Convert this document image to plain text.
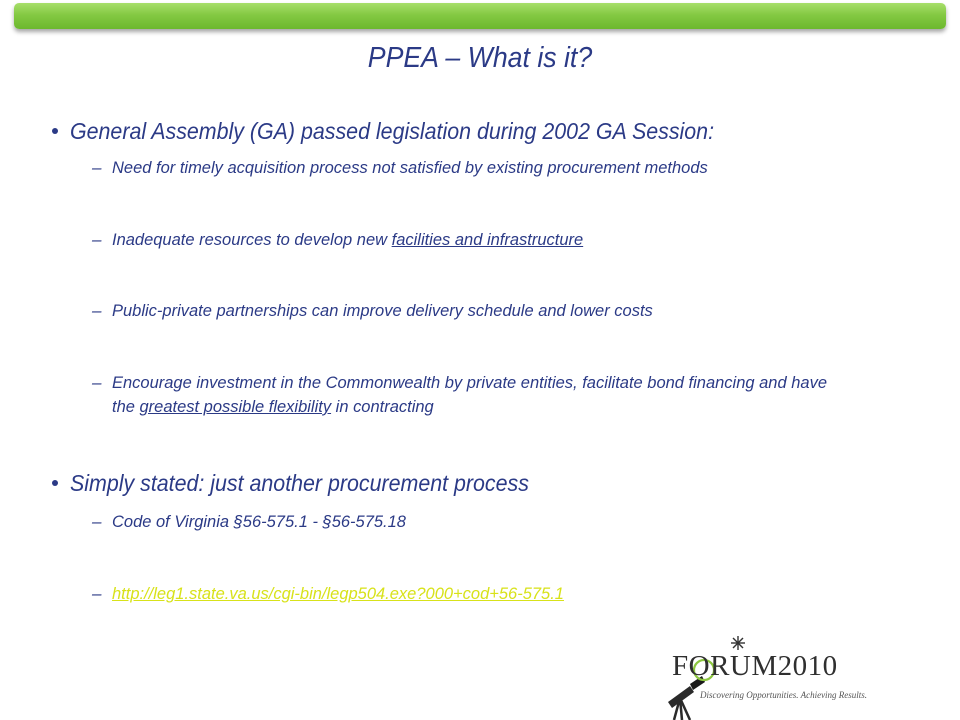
PPEA – What is it?
General Assembly (GA) passed legislation during 2002 GA Session:
– Need for timely acquisition process not satisfied by existing procurement methods
– Inadequate resources to develop new facilities and infrastructure
– Public-private partnerships can improve delivery schedule and lower costs
– Encourage investment in the Commonwealth by private entities, facilitate bond financing and have the greatest possible flexibility in contracting
Simply stated: just another procurement process
– Code of Virginia §56-575.1 - §56-575.18
– http://leg1.state.va.us/cgi-bin/legp504.exe?000+cod+56-575.1
FORUM2010
Discovering Opportunities. Achieving Results.
